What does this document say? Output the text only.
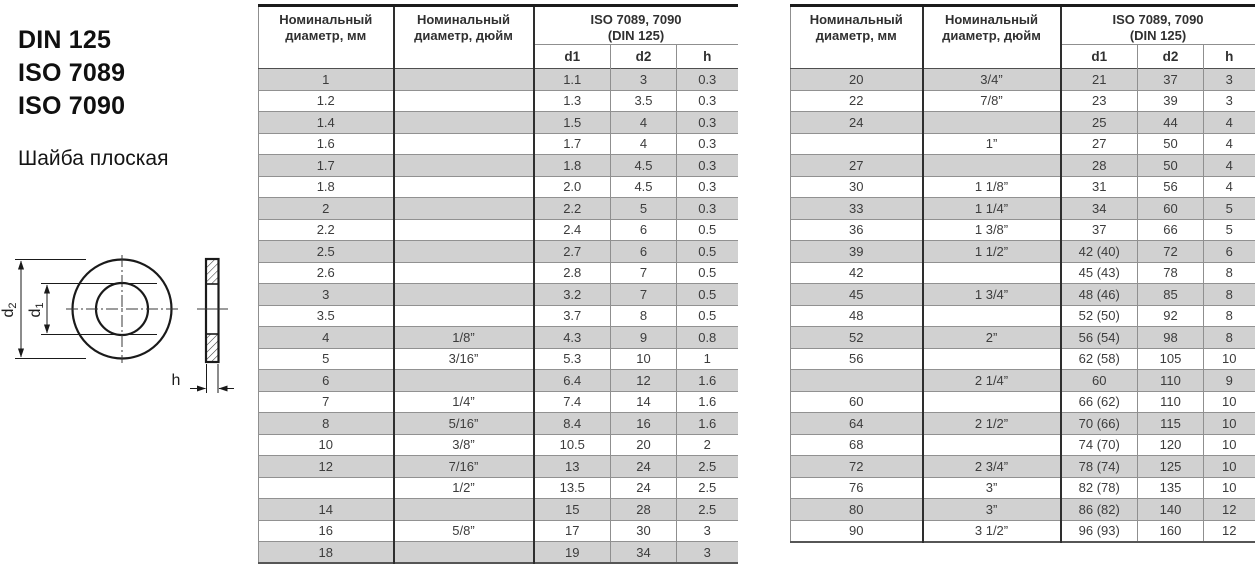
DIN 125
ISO 7089
ISO 7090
Шайба плоская
d2
d1
h
Номинальный диаметр, мм	Номинальный диаметр, дюйм	ISO 7089, 7090
(DIN 125)		

		d1	d2	h
1		1.1	3	0.3
1.2		1.3	3.5	0.3
1.4		1.5	4	0.3
1.6		1.7	4	0.3
1.7		1.8	4.5	0.3
1.8		2.0	4.5	0.3
2		2.2	5	0.3
2.2		2.4	6	0.5
2.5		2.7	6	0.5
2.6		2.8	7	0.5
3		3.2	7	0.5
3.5		3.7	8	0.5
4	1/8”	4.3	9	0.8
5	3/16”	5.3	10	1
6		6.4	12	1.6
7	1/4”	7.4	14	1.6
8	5/16”	8.4	16	1.6
10	3/8”	10.5	20	2
12	7/16”	13	24	2.5
	1/2”	13.5	24	2.5
14		15	28	2.5
16	5/8”	17	30	3
18		19	34	3
Номинальный диаметр, мм	Номинальный диаметр, дюйм	ISO 7089, 7090
(DIN 125)		

		d1	d2	h
20	3/4”	21	37	3
22	7/8”	23	39	3
24		25	44	4
	1”	27	50	4
27		28	50	4
30	1 1/8”	31	56	4
33	1 1/4”	34	60	5
36	1 3/8”	37	66	5
39	1 1/2”	42 (40)	72	6
42		45 (43)	78	8
45	1 3/4”	48 (46)	85	8
48		52 (50)	92	8
52	2”	56 (54)	98	8
56		62 (58)	105	10
	2 1/4”	60	110	9
60		66 (62)	110	10
64	2 1/2”	70 (66)	115	10
68		74 (70)	120	10
72	2 3/4”	78 (74)	125	10
76	3”	82 (78)	135	10
80	3”	86 (82)	140	12
90	3 1/2”	96 (93)	160	12
